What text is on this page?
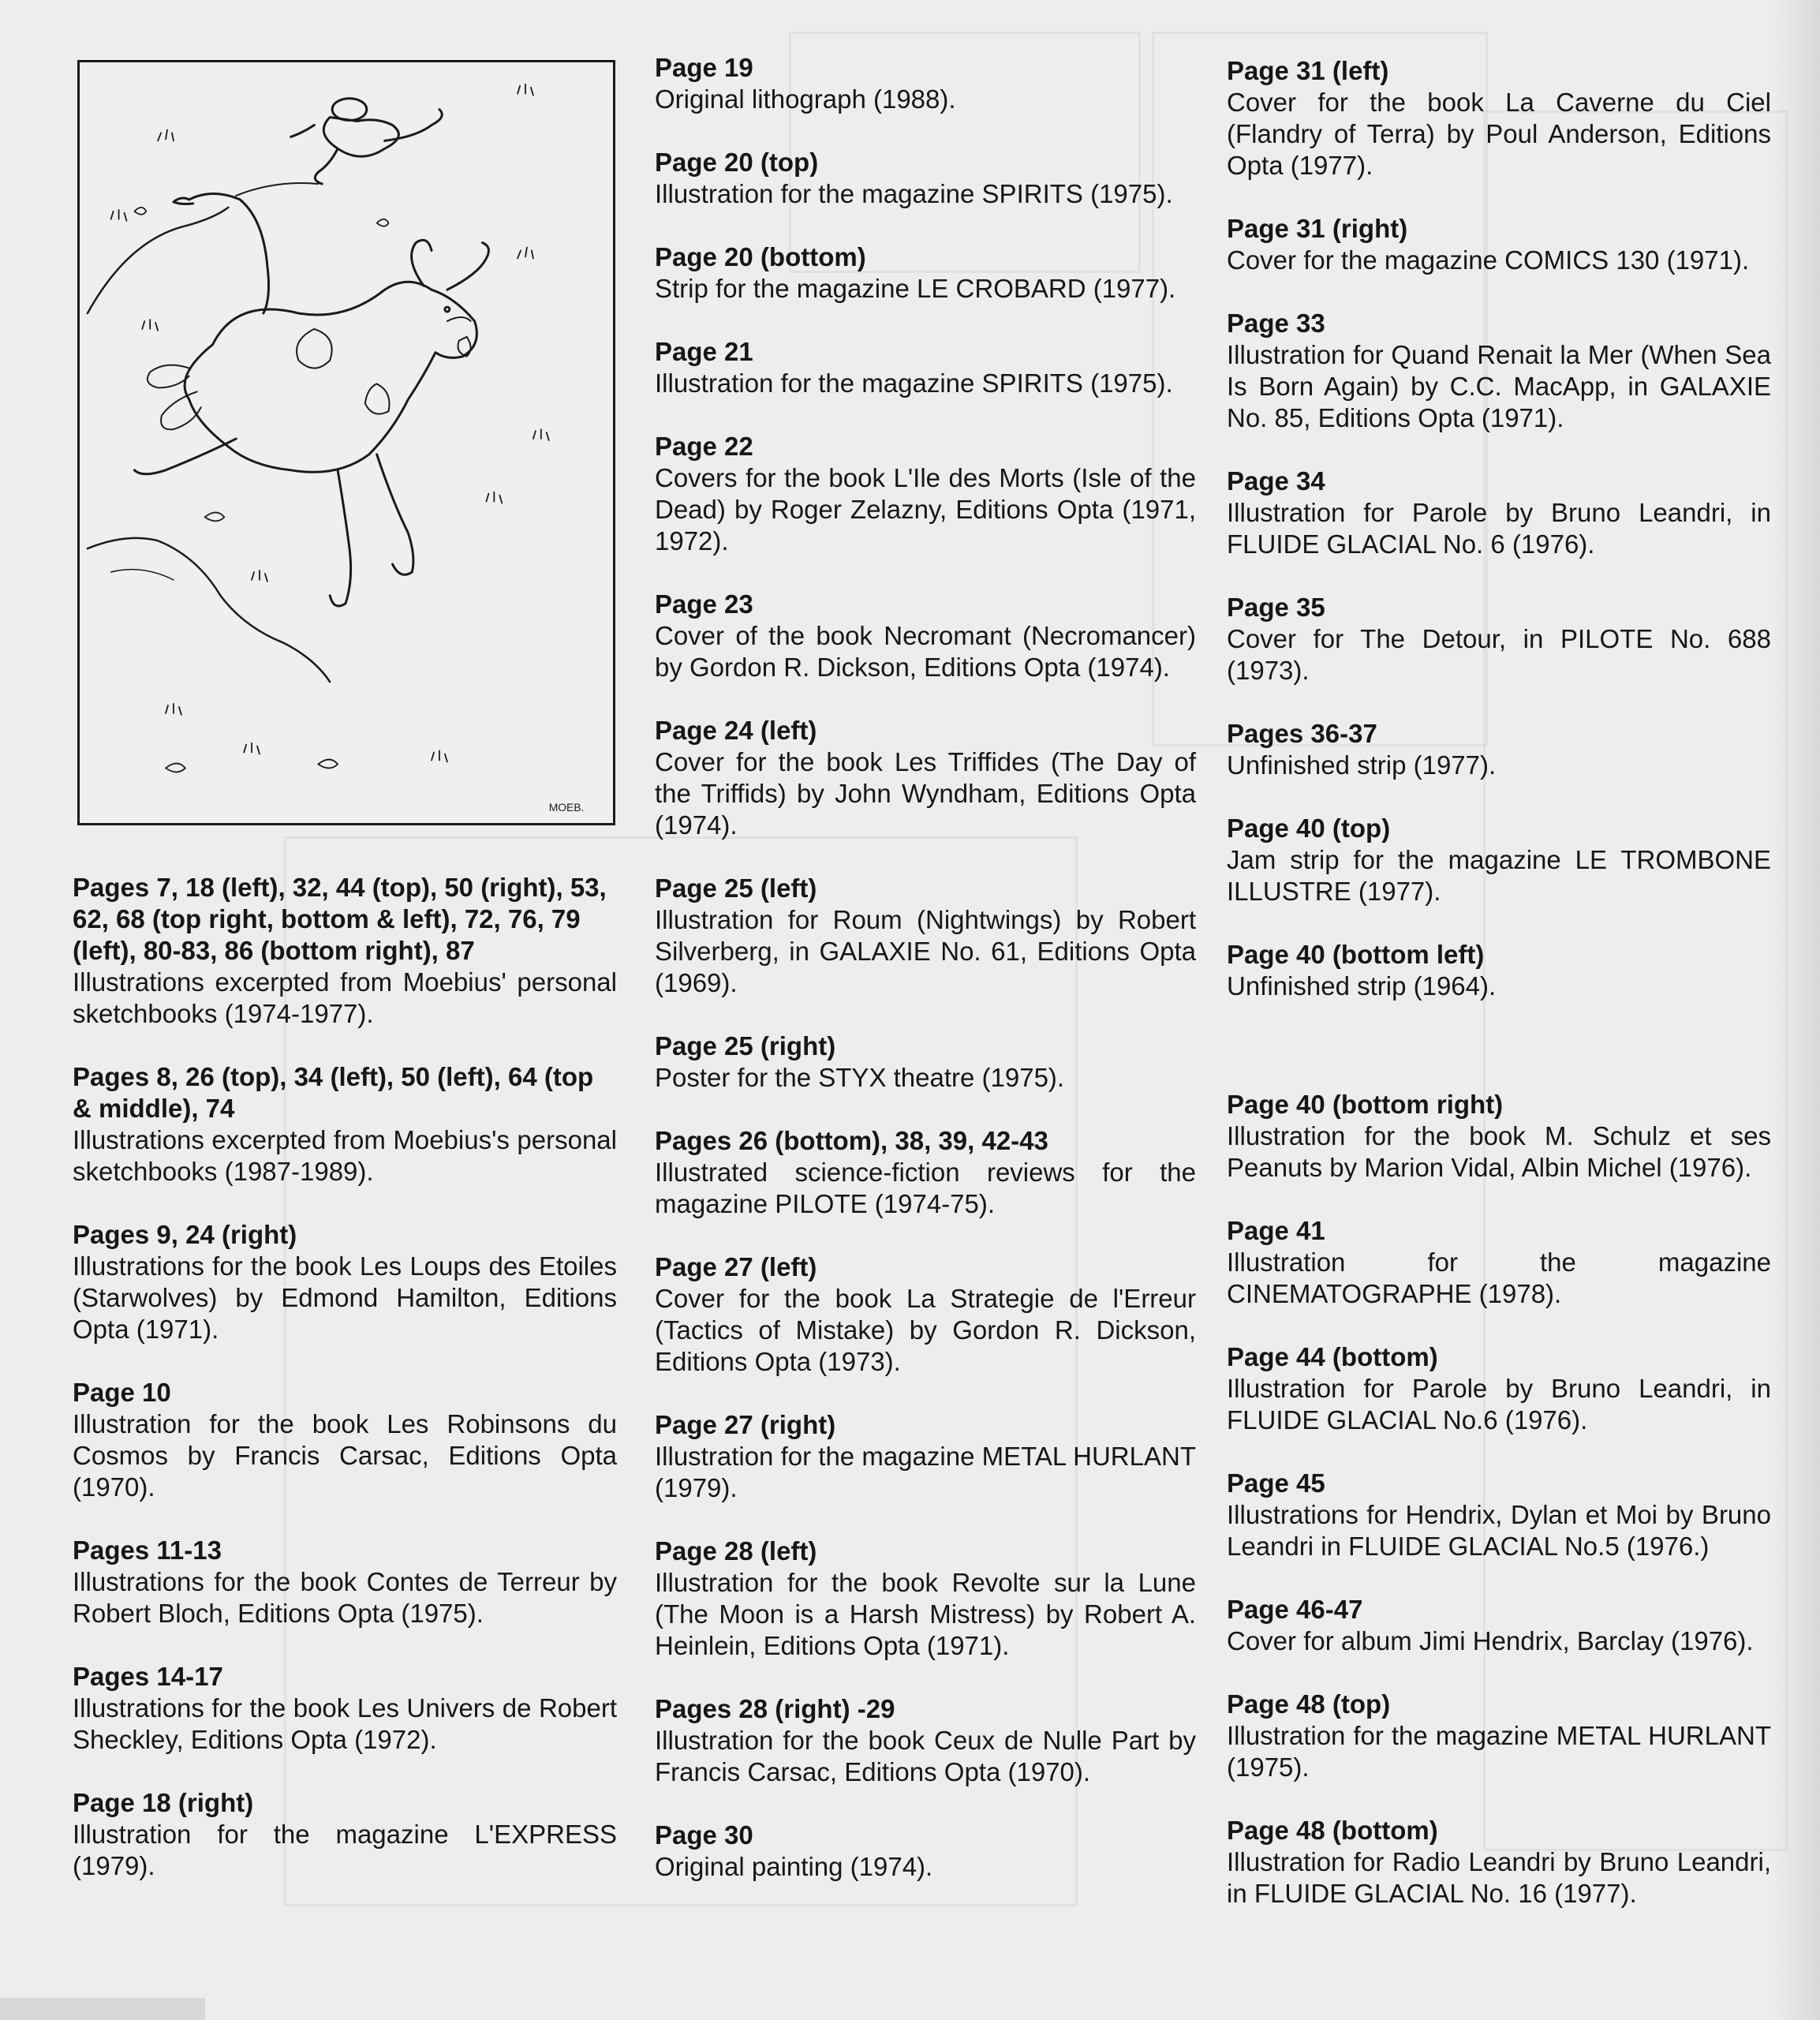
MOEB.

Pages 7, 18 (left), 32, 44 (top), 50 (right), 53, 62, 68 (top right, bottom & left), 72, 76, 79 (left), 80-83, 86 (bottom right), 87
Illustrations excerpted from Moebius' personal sketchbooks (1974-1977).

Pages 8, 26 (top), 34 (left), 50 (left), 64 (top & middle), 74
Illustrations excerpted from Moebius's personal sketchbooks (1987-1989).

Pages 9, 24 (right)
Illustrations for the book Les Loups des Etoiles (Starwolves) by Edmond Hamilton, Editions Opta (1971).

Page 10
Illustration for the book Les Robinsons du Cosmos by Francis Carsac, Editions Opta (1970).

Pages 11-13
Illustrations for the book Contes de Terreur by Robert Bloch, Editions Opta (1975).

Pages 14-17
Illustrations for the book Les Univers de Robert Sheckley, Editions Opta (1972).

Page 18 (right)
Illustration for the magazine L'EXPRESS (1979).

Page 19
Original lithograph (1988).

Page 20 (top)
Illustration for the magazine SPIRITS (1975).

Page 20 (bottom)
Strip for the magazine LE CROBARD (1977).

Page 21
Illustration for the magazine SPIRITS (1975).

Page 22
Covers for the book L'Ile des Morts (Isle of the Dead) by Roger Zelazny, Editions Opta (1971, 1972).

Page 23
Cover of the book Necromant (Necromancer) by Gordon R. Dickson, Editions Opta (1974).

Page 24 (left)
Cover for the book Les Triffides (The Day of the Triffids) by John Wyndham, Editions Opta (1974).

Page 25 (left)
Illustration for Roum (Nightwings) by Robert Silverberg, in GALAXIE No. 61, Editions Opta (1969).

Page 25 (right)
Poster for the STYX theatre (1975).

Pages 26 (bottom), 38, 39, 42-43
Illustrated science-fiction reviews for the magazine PILOTE (1974-75).

Page 27 (left)
Cover for the book La Strategie de l'Erreur (Tactics of Mistake) by Gordon R. Dickson, Editions Opta (1973).

Page 27 (right)
Illustration for the magazine METAL HURLANT (1979).

Page 28 (left)
Illustration for the book Revolte sur la Lune (The Moon is a Harsh Mistress) by Robert A. Heinlein, Editions Opta (1971).

Pages 28 (right) -29
Illustration for the book Ceux de Nulle Part by Francis Carsac, Editions Opta (1970).

Page 30
Original painting (1974).

Page 31 (left)
Cover for the book La Caverne du Ciel (Flandry of Terra) by Poul Anderson, Editions Opta (1977).

Page 31 (right)
Cover for the magazine COMICS 130 (1971).

Page 33
Illustration for Quand Renait la Mer (When Sea Is Born Again) by C.C. MacApp, in GALAXIE No. 85, Editions Opta (1971).

Page 34
Illustration for Parole by Bruno Leandri, in FLUIDE GLACIAL No. 6 (1976).

Page 35
Cover for The Detour, in PILOTE No. 688 (1973).

Pages 36-37
Unfinished strip (1977).

Page 40 (top)
Jam strip for the magazine LE TROMBONE ILLUSTRE (1977).

Page 40 (bottom left)
Unfinished strip (1964).

Page 40 (bottom right)
Illustration for the book M. Schulz et ses Peanuts by Marion Vidal, Albin Michel (1976).

Page 41
Illustration for the magazine CINEMATOGRAPHE (1978).

Page 44 (bottom)
Illustration for Parole by Bruno Leandri, in FLUIDE GLACIAL No.6 (1976).

Page 45
Illustrations for Hendrix, Dylan et Moi by Bruno Leandri in FLUIDE GLACIAL No.5 (1976.)

Page 46-47
Cover for album Jimi Hendrix, Barclay (1976).

Page 48 (top)
Illustration for the magazine METAL HURLANT (1975).

Page 48 (bottom)
Illustration for Radio Leandri by Bruno Leandri, in FLUIDE GLACIAL No. 16 (1977).
